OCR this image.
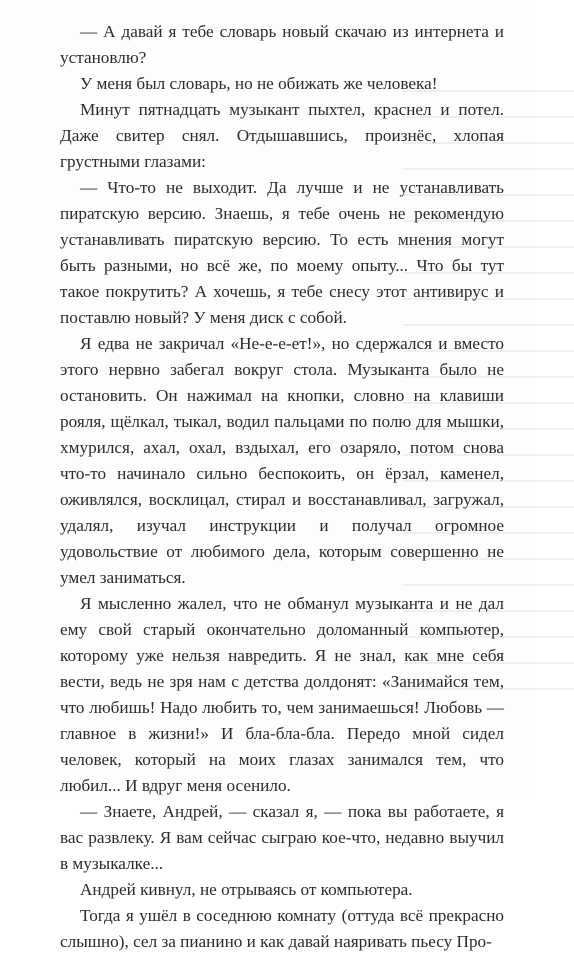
— А давай я тебе словарь новый скачаю из интернета и установлю?

У меня был словарь, но не обижать же человека!

Минут пятнадцать музыкант пыхтел, краснел и потел. Даже свитер снял. Отдышавшись, произнёс, хлопая грустными глазами:

— Что-то не выходит. Да лучше и не устанавливать пиратскую версию. Знаешь, я тебе очень не рекомендую устанавливать пиратскую версию. То есть мнения могут быть разными, но всё же, по моему опыту... Что бы тут такое покрутить? А хочешь, я тебе снесу этот антивирус и поставлю новый? У меня диск с собой.

Я едва не закричал «Не-е-е-ет!», но сдержался и вместо этого нервно забегал вокруг стола. Музыканта было не остановить. Он нажимал на кнопки, словно на клавиши рояля, щёлкал, тыкал, водил пальцами по полю для мышки, хмурился, ахал, охал, вздыхал, его озаряло, потом снова что-то начинало сильно беспокоить, он ёрзал, каменел, оживлялся, восклицал, стирал и восстанавливал, загружал, удалял, изучал инструкции и получал огромное удовольствие от любимого дела, которым совершенно не умел заниматься.

Я мысленно жалел, что не обманул музыканта и не дал ему свой старый окончательно доломанный компьютер, которому уже нельзя навредить. Я не знал, как мне себя вести, ведь не зря нам с детства долдонят: «Занимайся тем, что любишь! Надо любить то, чем занимаешься! Любовь — главное в жизни!» И бла-бла-бла. Передо мной сидел человек, который на моих глазах занимался тем, что любил... И вдруг меня осенило.

— Знаете, Андрей, — сказал я, — пока вы работаете, я вас развлеку. Я вам сейчас сыграю кое-что, недавно выучил в музыкалке...

Андрей кивнул, не отрываясь от компьютера.

Тогда я ушёл в соседнюю комнату (оттуда всё прекрасно слышно), сел за пианино и как давай наяривать пьесу Про-
